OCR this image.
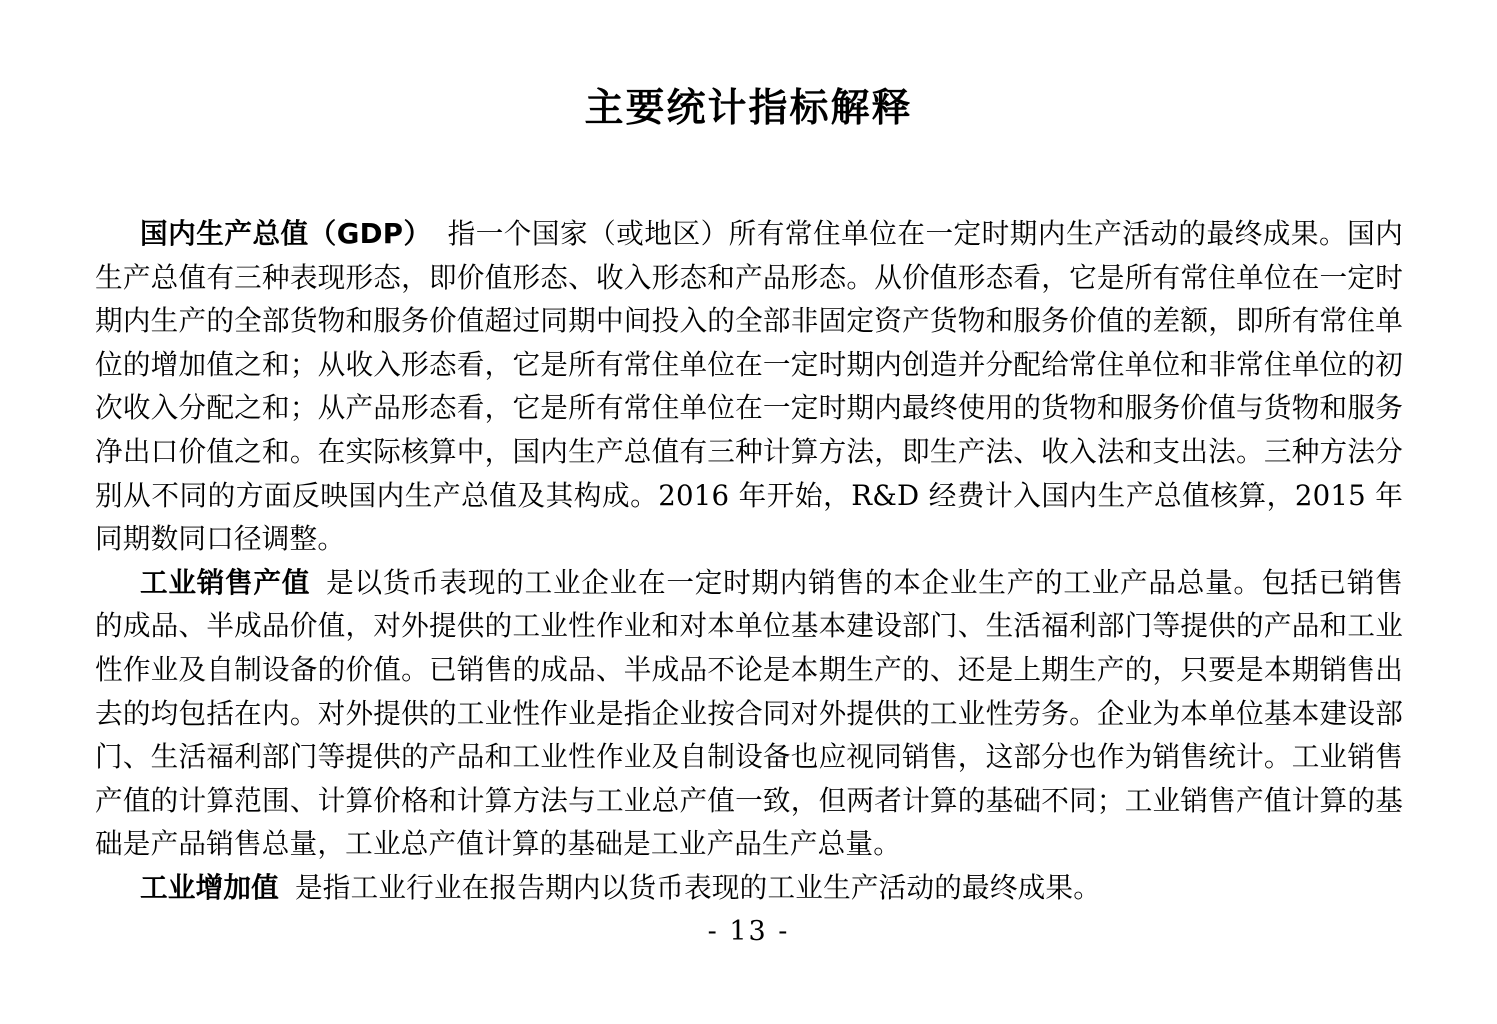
主要统计指标解释

国内生产总值（GDP） 指一个国家（或地区）所有常住单位在一定时期内生产活动的最终成果。国内生产总值有三种表现形态，即价值形态、收入形态和产品形态。从价值形态看，它是所有常住单位在一定时期内生产的全部货物和服务价值超过同期中间投入的全部非固定资产货物和服务价值的差额，即所有常住单位的增加值之和；从收入形态看，它是所有常住单位在一定时期内创造并分配给常住单位和非常住单位的初次收入分配之和；从产品形态看，它是所有常住单位在一定时期内最终使用的货物和服务价值与货物和服务净出口价值之和。在实际核算中，国内生产总值有三种计算方法，即生产法、收入法和支出法。三种方法分别从不同的方面反映国内生产总值及其构成。2016 年开始，R&D 经费计入国内生产总值核算，2015 年同期数同口径调整。

工业销售产值 是以货币表现的工业企业在一定时期内销售的本企业生产的工业产品总量。包括已销售的成品、半成品价值，对外提供的工业性作业和对本单位基本建设部门、生活福利部门等提供的产品和工业性作业及自制设备的价值。已销售的成品、半成品不论是本期生产的、还是上期生产的，只要是本期销售出去的均包括在内。对外提供的工业性作业是指企业按合同对外提供的工业性劳务。企业为本单位基本建设部门、生活福利部门等提供的产品和工业性作业及自制设备也应视同销售，这部分也作为销售统计。工业销售产值的计算范围、计算价格和计算方法与工业总产值一致，但两者计算的基础不同；工业销售产值计算的基础是产品销售总量，工业总产值计算的基础是工业产品生产总量。

工业增加值 是指工业行业在报告期内以货币表现的工业生产活动的最终成果。

- 13 -
